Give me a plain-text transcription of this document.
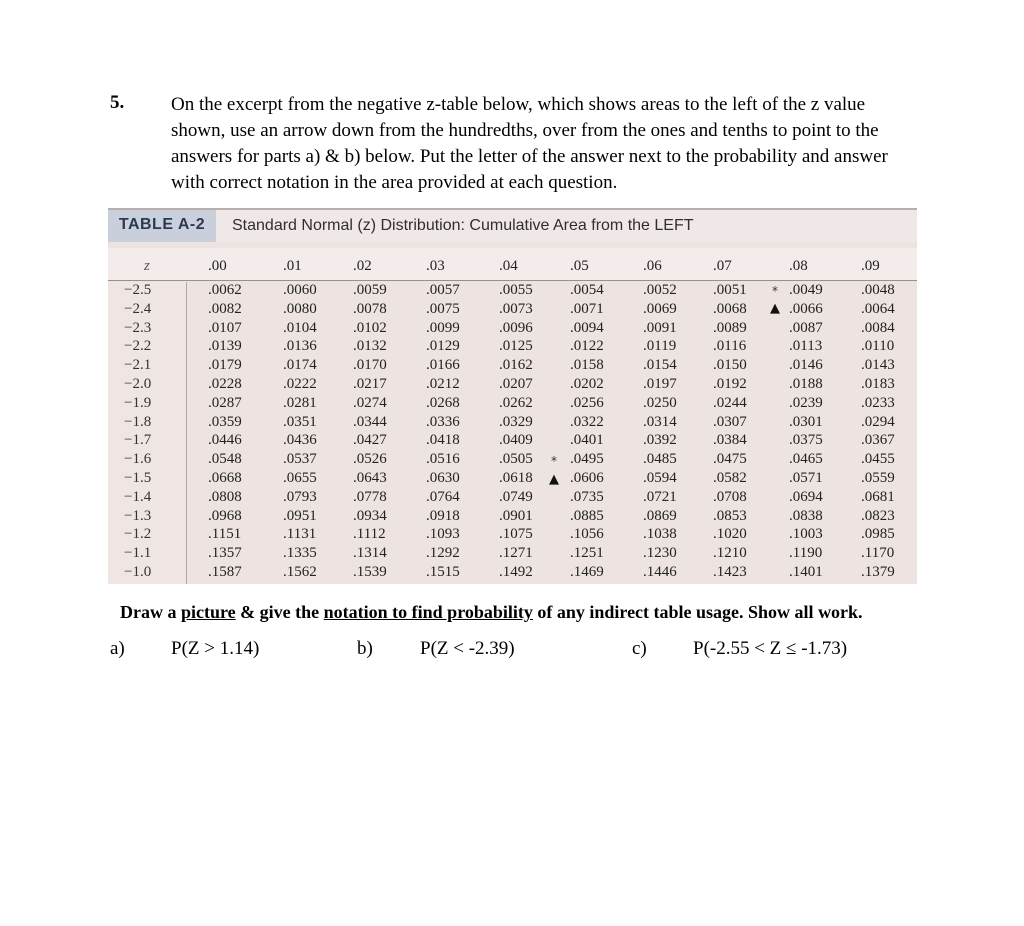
5. On the excerpt from the negative z-table below, which shows areas to the left of the z value shown, use an arrow down from the hundredths, over from the ones and tenths to point to the answers for parts a) & b) below. Put the letter of the answer next to the probability and answer with correct notation in the area provided at each question.
TABLE A-2	Standard Normal (z) Distribution: Cumulative Area from the LEFT
z	.00	.01	.02	.03	.04	.05	.06	.07	.08	.09
−2.5	.0062	.0060 .0059	.0057	.0055 .0054	.0052 .0051	.0049	.0048
−2.4	.0082	.0080 .0078	.0075	.0073 .0071	.0069 .0068	.0066	.0064
−2.3	.0107	.0104 .0102	.0099	.0096 .0094	.0091 .0089	.0087	.0084
−2.2	.0139	.0136 .0132	.0129	.0125 .0122	.0119 .0116	.0113	.0110
−2.1	.0179	.0174 .0170	.0166	.0162 .0158	.0154 .0150	.0146	.0143
−2.0	.0228	.0222 .0217	.0212	.0207 .0202	.0197 .0192	.0188	.0183
−1.9	.0287	.0281 .0274	.0268	.0262 .0256	.0250 .0244	.0239	.0233
−1.8	.0359	.0351 .0344	.0336	.0329 .0322	.0314 .0307	.0301	.0294
−1.7	.0446	.0436 .0427	.0418	.0409 .0401	.0392 .0384	.0375	.0367
−1.6	.0548	.0537 .0526	.0516	.0505 .0495	.0485 .0475	.0465	.0455
−1.5	.0668	.0655 .0643	.0630	.0618 .0606	.0594 .0582	.0571	.0559
−1.4	.0808	.0793 .0778	.0764	.0749 .0735	.0721 .0708	.0694	.0681
−1.3	.0968	.0951 .0934	.0918	.0901 .0885	.0869 .0853	.0838	.0823
−1.2	.1151	.1131 .1112	.1093	.1075 .1056	.1038 .1020	.1003	.0985
−1.1	.1357	.1335 .1314	.1292	.1271 .1251	.1230 .1210	.1190	.1170
−1.0	.1587	.1562 .1539	.1515	.1492 .1469	.1446 .1423	.1401	.1379
*
▲
*
▲
Draw a picture & give the notation to find probability of any indirect table usage. Show all work.
a) P(Z > 1.14)	b) P(Z < -2.39)	c) P(-2.55 < Z ≤ -1.73)
